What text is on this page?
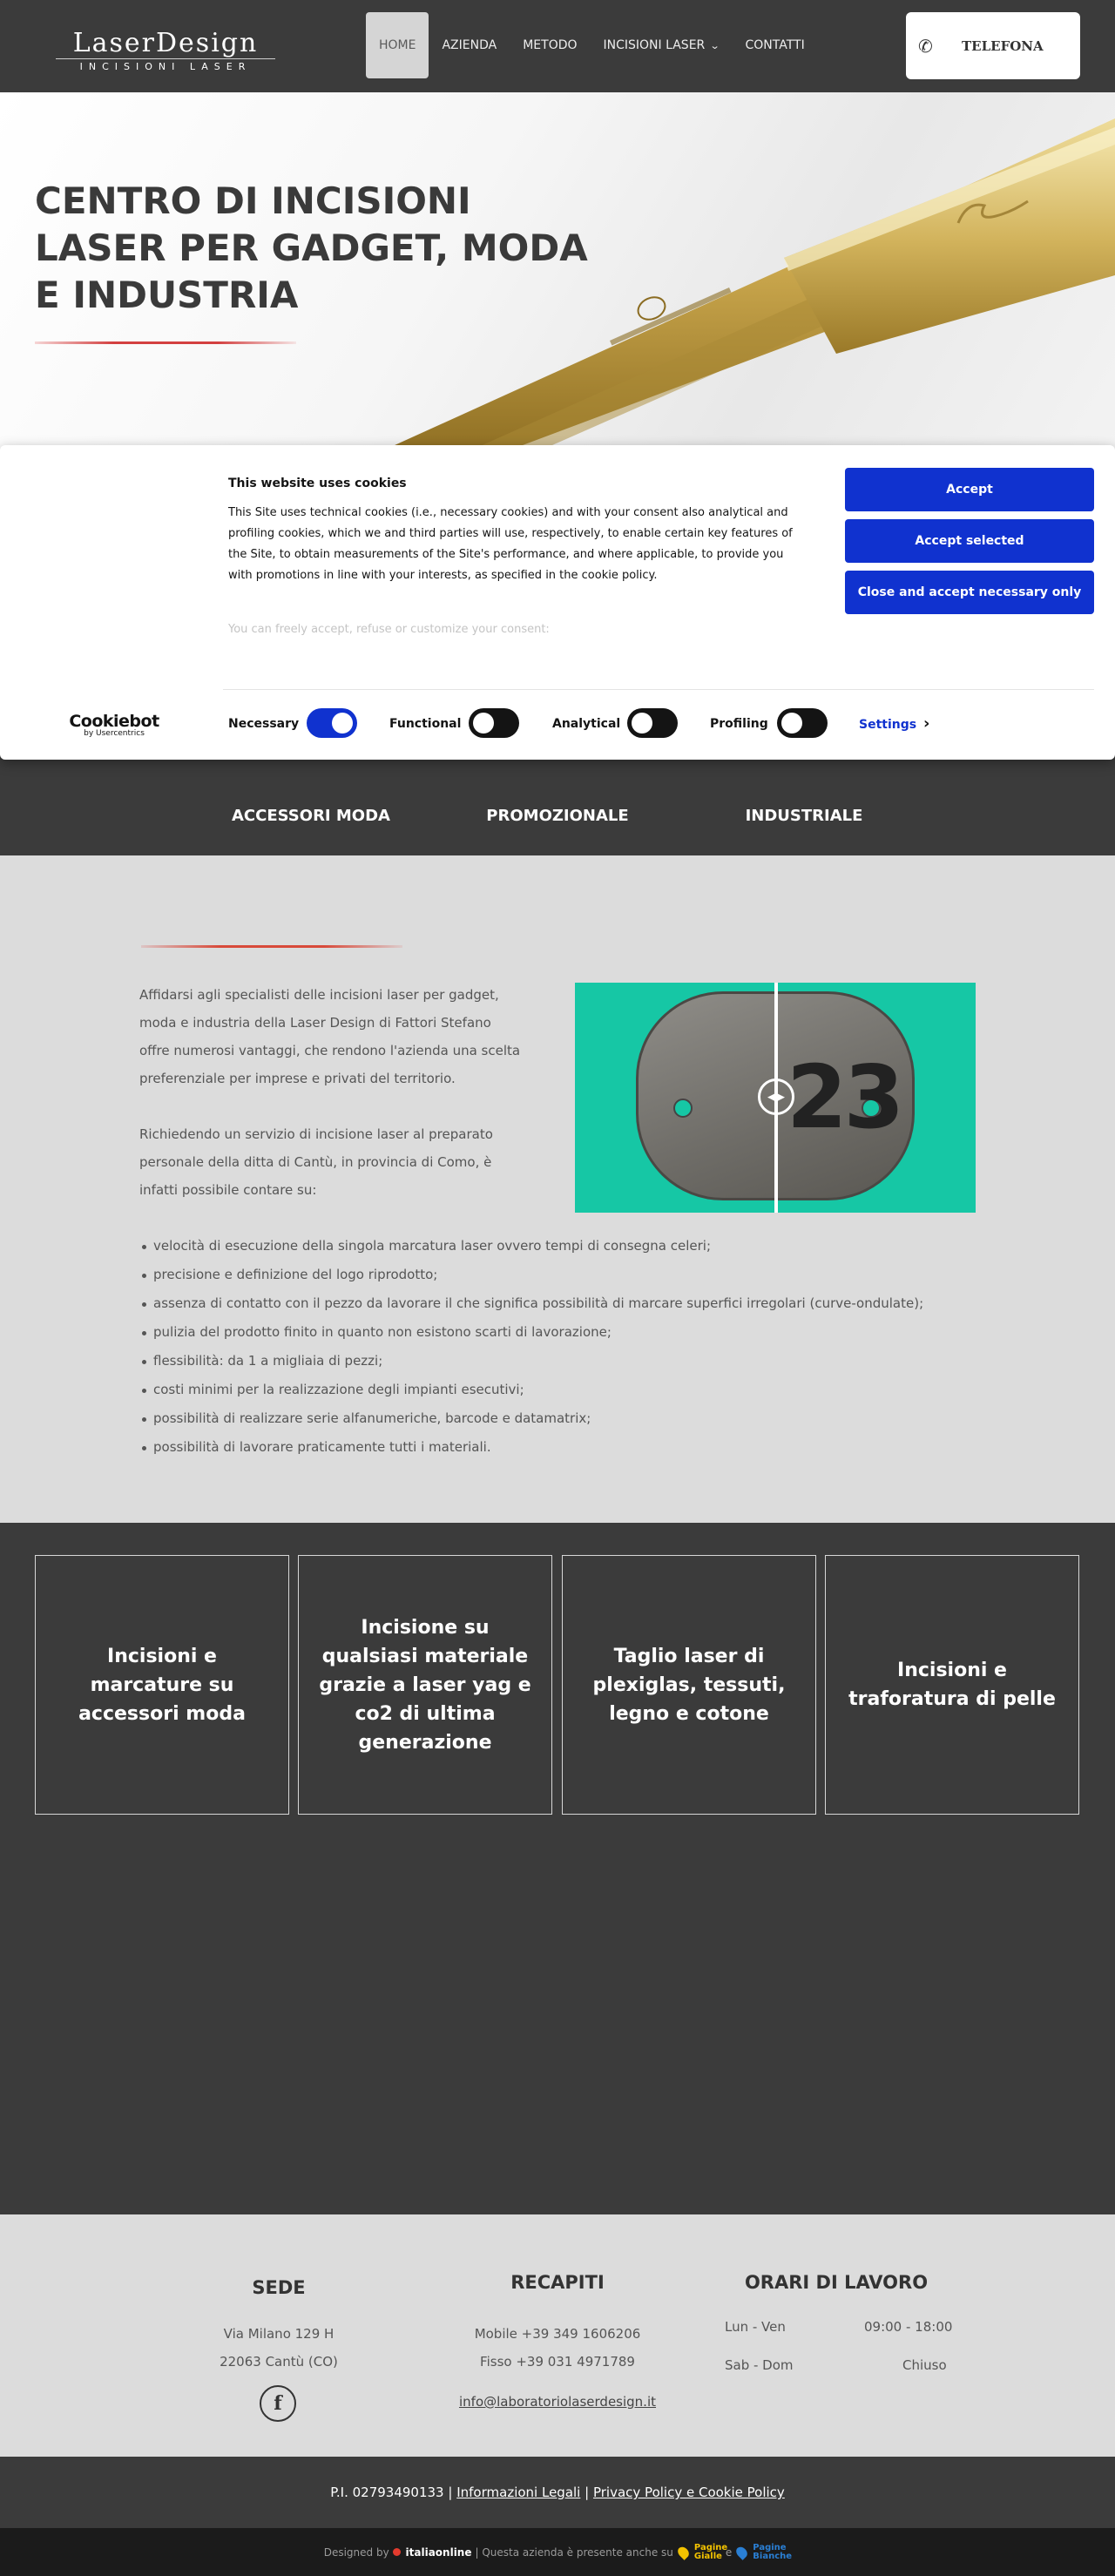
LaserDesign
INCISIONI LASER
HOME AZIENDA METODO INCISIONI LASER ⌄ CONTATTI	✆	TELEFONA
CENTRO DI INCISIONI LASER PER GADGET, MODA E INDUSTRIA
ACCESSORI MODA	PROMOZIONALE	INDUSTRIALE
This website uses cookies
This Site uses technical cookies (i.e., necessary cookies) and with your consent also analytical and profiling cookies, which we and third parties will use, respectively, to enable certain key features of the Site, to obtain measurements of the Site's performance, and where applicable, to provide you with promotions in line with your interests, as specified in the cookie policy.
You can freely accept, refuse or customize your consent:
Accept
Accept selected
Close and accept necessary only
Cookiebot
by Usercentrics
Necessary	Functional	Analytical	Profiling	Settings ›
Affidarsi agli specialisti delle incisioni laser per gadget, moda e industria della Laser Design di Fattori Stefano offre numerosi vantaggi, che rendono l'azienda una scelta preferenziale per imprese e privati del territorio.
Richiedendo un servizio di incisione laser al preparato personale della ditta di Cantù, in provincia di Como, è infatti possibile contare su:
23
◀▶
velocità di esecuzione della singola marcatura laser ovvero tempi di consegna celeri;
precisione e definizione del logo riprodotto;
assenza di contatto con il pezzo da lavorare il che significa possibilità di marcare superfici irregolari (curve-ondulate);
pulizia del prodotto finito in quanto non esistono scarti di lavorazione;
flessibilità: da 1 a migliaia di pezzi;
costi minimi per la realizzazione degli impianti esecutivi;
possibilità di realizzare serie alfanumeriche, barcode e datamatrix;
possibilità di lavorare praticamente tutti i materiali.
Incisioni e marcature su accessori moda
Incisione su qualsiasi materiale grazie a laser yag e co2 di ultima generazione
Taglio laser di plexiglas, tessuti, legno e cotone
Incisioni e traforatura di pelle
SEDE
Via Milano 129 H
22063 Cantù (CO)
f
RECAPITI
Mobile +39 349 1606206
Fisso +39 031 4971789
info@laboratoriolaserdesign.it
ORARI DI LAVORO
Lun - Ven	09:00 - 18:00
Sab - Dom	Chiuso
P.I. 02793490133 |
Informazioni Legali
|
Privacy Policy e Cookie Policy
Designed by
italiaonline | Questa azienda è presente anche su Pagine Gialle e Pagine Bianche
